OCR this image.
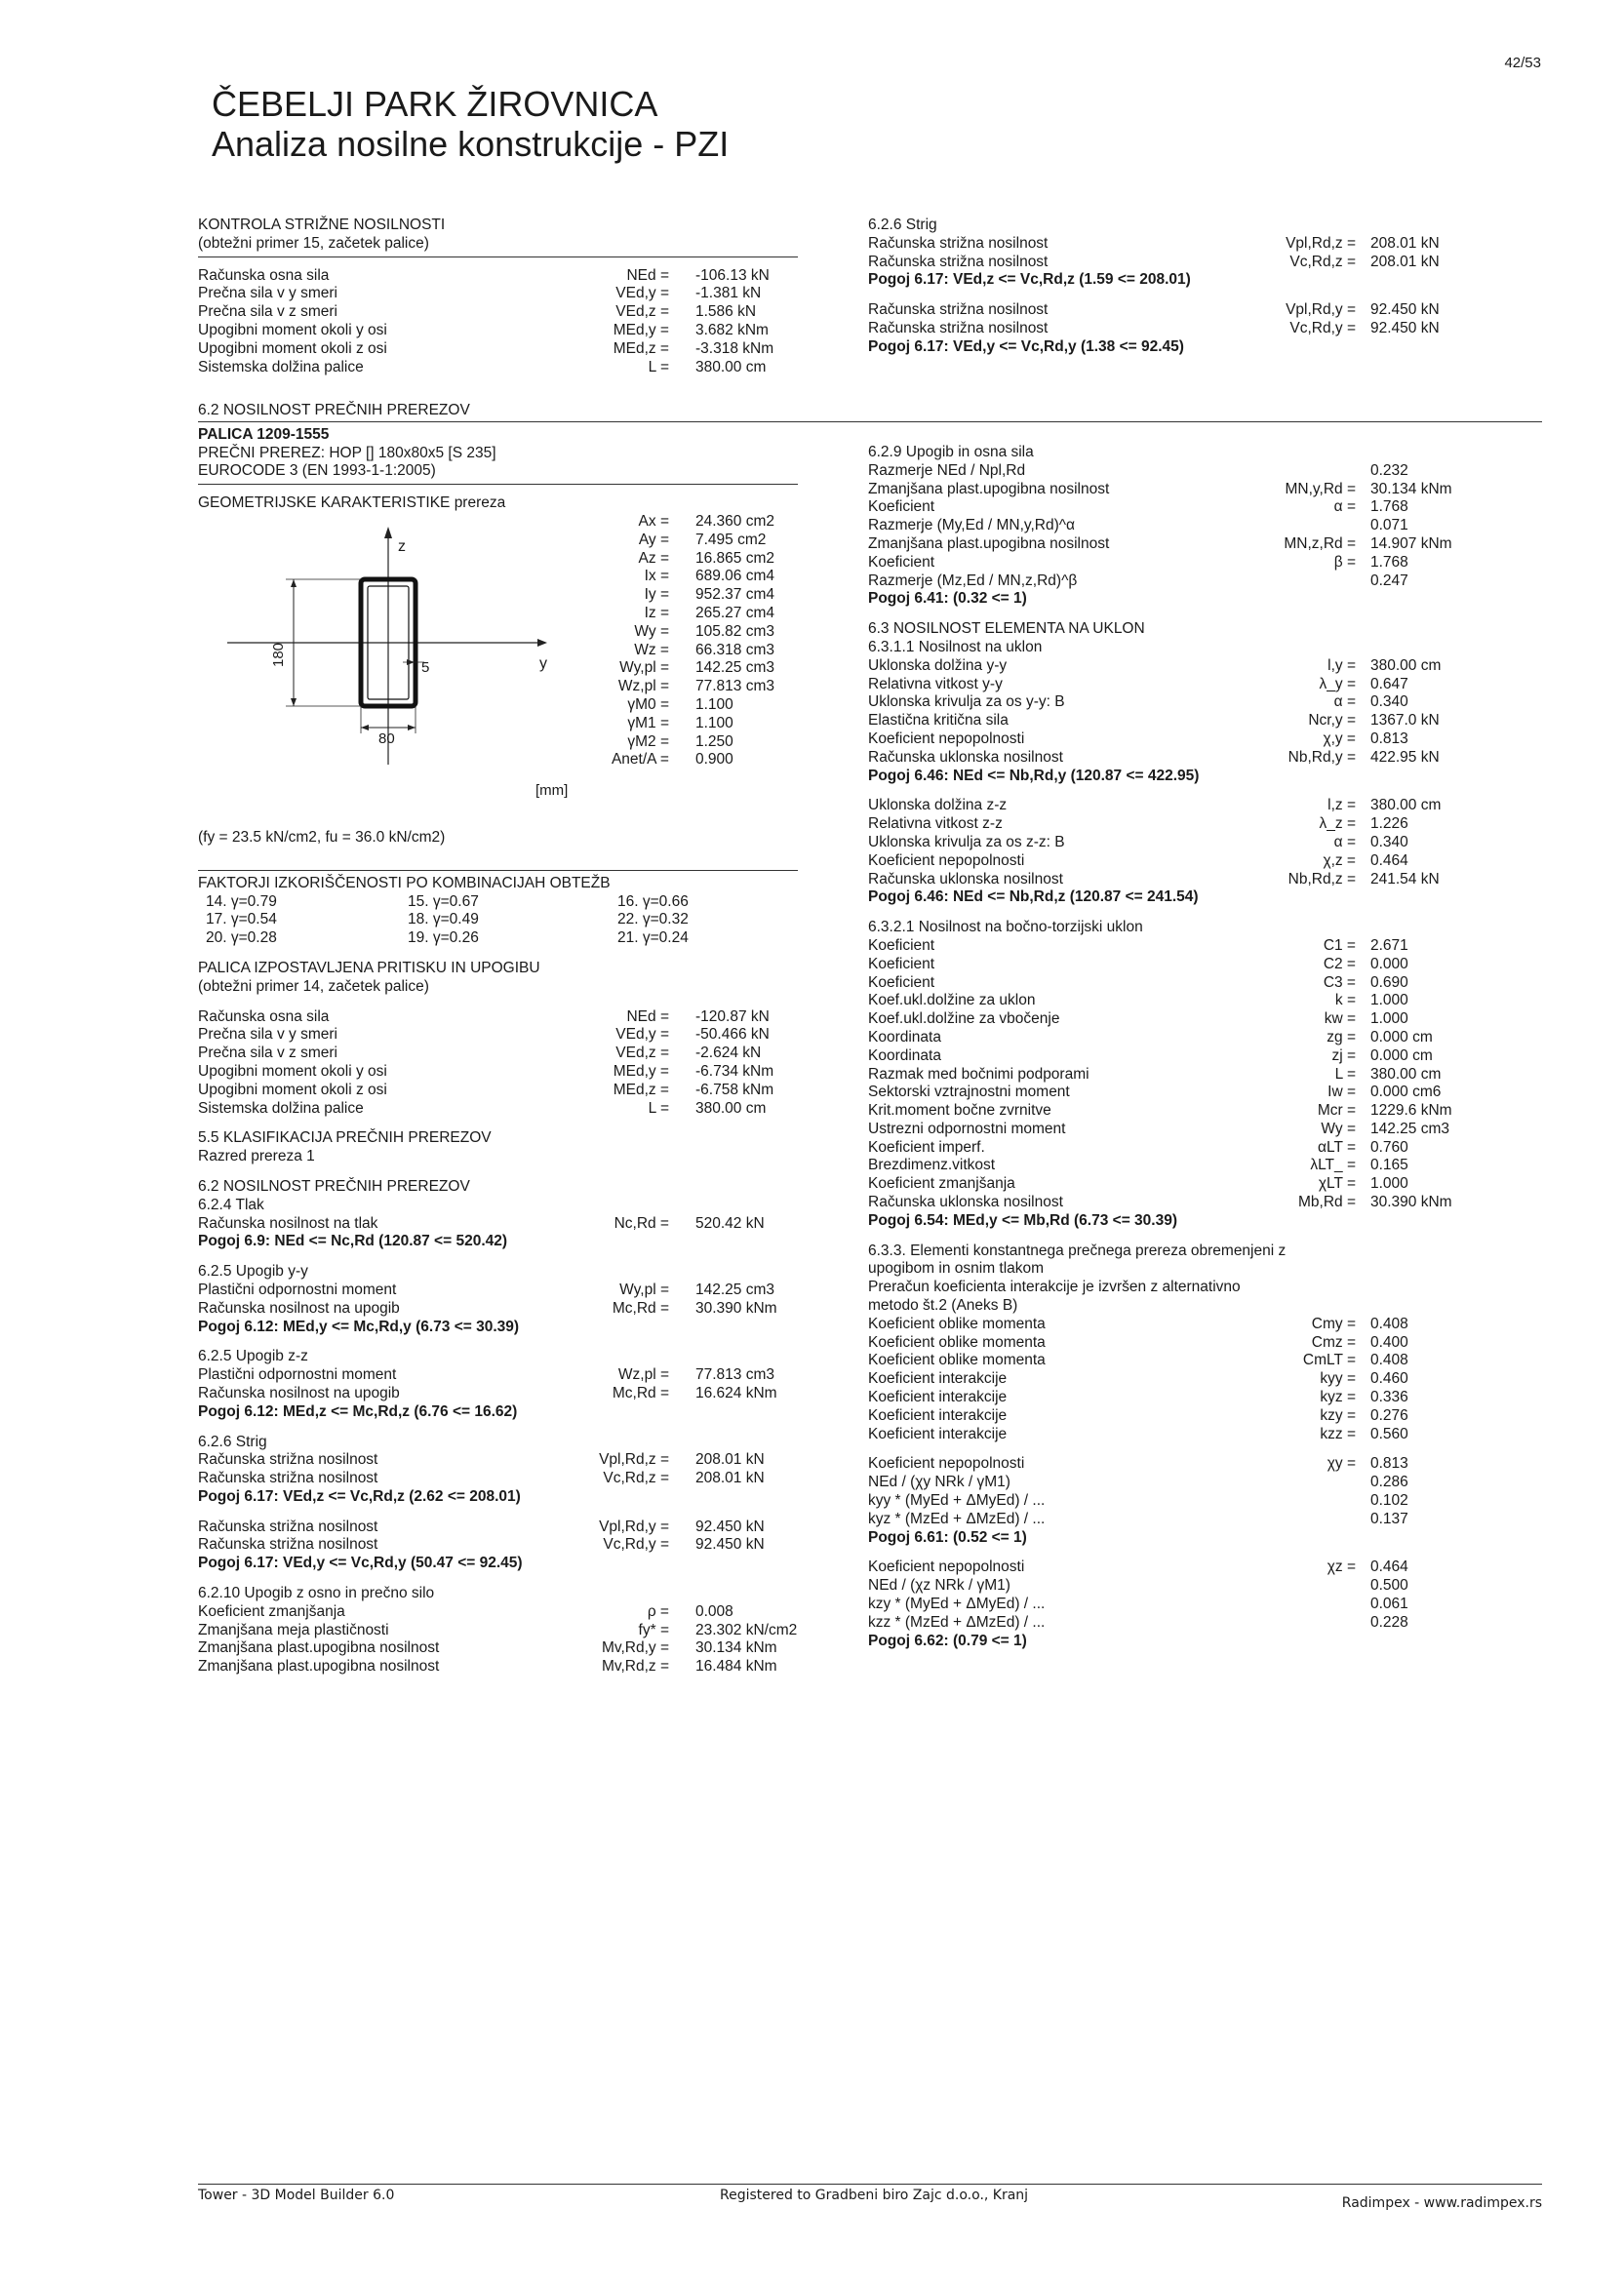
42/53
ČEBELJI PARK ŽIROVNICA
Analiza nosilne konstrukcije - PZI
KONTROLA STRIŽNE NOSILNOSTI
(obtežni primer 15, začetek palice)
Računska osna sila	NEd = -106.13 kN
Prečna sila v y smeri	VEd,y = -1.381 kN
Prečna sila v z smeri	VEd,z = 1.586 kN
Upogibni moment okoli y osi	MEd,y = 3.682 kNm
Upogibni moment okoli z osi	MEd,z = -3.318 kNm
Sistemska dolžina palice	L = 380.00 cm
6.2 NOSILNOST PREČNIH PREREZOV
PALICA 1209-1555
PREČNI PREREZ: HOP [] 180x80x5 [S 235]
EUROCODE 3 (EN 1993-1-1:2005)
GEOMETRIJSKE KARAKTERISTIKE prereza
z
y
180
80
5
[mm]
Ax = 24.360 cm2
Ay = 7.495 cm2
Az = 16.865 cm2
Ix = 689.06 cm4
Iy = 952.37 cm4
Iz = 265.27 cm4
Wy = 105.82 cm3
Wz = 66.318 cm3
Wy,pl = 142.25 cm3
Wz,pl = 77.813 cm3
γM0 = 1.100
γM1 = 1.100
γM2 = 1.250
Anet/A = 0.900
(fy = 23.5 kN/cm2, fu = 36.0 kN/cm2)
FAKTORJI IZKORIŠČENOSTI PO KOMBINACIJAH OBTEŽB
14. γ=0.79	15. γ=0.67	16. γ=0.66
17. γ=0.54	18. γ=0.49	22. γ=0.32
20. γ=0.28	19. γ=0.26	21. γ=0.24
PALICA IZPOSTAVLJENA PRITISKU IN UPOGIBU
(obtežni primer 14, začetek palice)
Računska osna sila	NEd = -120.87 kN
Prečna sila v y smeri	VEd,y = -50.466 kN
Prečna sila v z smeri	VEd,z = -2.624 kN
Upogibni moment okoli y osi	MEd,y = -6.734 kNm
Upogibni moment okoli z osi	MEd,z = -6.758 kNm
Sistemska dolžina palice	L = 380.00 cm
5.5 KLASIFIKACIJA PREČNIH PREREZOV
Razred prereza 1
6.2 NOSILNOST PREČNIH PREREZOV
6.2.4 Tlak
Računska nosilnost na tlak	Nc,Rd = 520.42 kN
Pogoj 6.9: NEd <= Nc,Rd (120.87 <= 520.42)
6.2.5 Upogib y-y
Plastični odpornostni moment	Wy,pl = 142.25 cm3
Računska nosilnost na upogib	Mc,Rd = 30.390 kNm
Pogoj 6.12: MEd,y <= Mc,Rd,y (6.73 <= 30.39)
6.2.5 Upogib z-z
Plastični odpornostni moment	Wz,pl = 77.813 cm3
Računska nosilnost na upogib	Mc,Rd = 16.624 kNm
Pogoj 6.12: MEd,z <= Mc,Rd,z (6.76 <= 16.62)
6.2.6 Strig
Računska strižna nosilnost	Vpl,Rd,z = 208.01 kN
Računska strižna nosilnost	Vc,Rd,z = 208.01 kN
Pogoj 6.17: VEd,z <= Vc,Rd,z (2.62 <= 208.01)
Računska strižna nosilnost	Vpl,Rd,y = 92.450 kN
Računska strižna nosilnost	Vc,Rd,y = 92.450 kN
Pogoj 6.17: VEd,y <= Vc,Rd,y (50.47 <= 92.45)
6.2.10 Upogib z osno in prečno silo
Koeficient zmanjšanja	ρ = 0.008
Zmanjšana meja plastičnosti	fy* = 23.302 kN/cm2
Zmanjšana plast.upogibna nosilnost	Mv,Rd,y = 30.134 kNm
Zmanjšana plast.upogibna nosilnost	Mv,Rd,z = 16.484 kNm
6.2.6 Strig
Računska strižna nosilnost	Vpl,Rd,z = 208.01 kN
Računska strižna nosilnost	Vc,Rd,z = 208.01 kN
Pogoj 6.17: VEd,z <= Vc,Rd,z (1.59 <= 208.01)
Računska strižna nosilnost	Vpl,Rd,y = 92.450 kN
Računska strižna nosilnost	Vc,Rd,y = 92.450 kN
Pogoj 6.17: VEd,y <= Vc,Rd,y (1.38 <= 92.45)
6.2.9 Upogib in osna sila
Razmerje NEd / Npl,Rd	0.232
Zmanjšana plast.upogibna nosilnost	MN,y,Rd = 30.134 kNm
Koeficient	α = 1.768
Razmerje (My,Ed / MN,y,Rd)^α	0.071
Zmanjšana plast.upogibna nosilnost	MN,z,Rd = 14.907 kNm
Koeficient	β = 1.768
Razmerje (Mz,Ed / MN,z,Rd)^β	0.247
Pogoj 6.41: (0.32 <= 1)
6.3 NOSILNOST ELEMENTA NA UKLON
6.3.1.1 Nosilnost na uklon
Uklonska dolžina y-y	l,y = 380.00 cm
Relativna vitkost y-y	λ_y = 0.647
Uklonska krivulja za os y-y: B	α = 0.340
Elastična kritična sila	Ncr,y = 1367.0 kN
Koeficient nepopolnosti	χ,y = 0.813
Računska uklonska nosilnost	Nb,Rd,y = 422.95 kN
Pogoj 6.46: NEd <= Nb,Rd,y (120.87 <= 422.95)
Uklonska dolžina z-z	l,z = 380.00 cm
Relativna vitkost z-z	λ_z = 1.226
Uklonska krivulja za os z-z: B	α = 0.340
Koeficient nepopolnosti	χ,z = 0.464
Računska uklonska nosilnost	Nb,Rd,z = 241.54 kN
Pogoj 6.46: NEd <= Nb,Rd,z (120.87 <= 241.54)
6.3.2.1 Nosilnost na bočno-torzijski uklon
Koeficient	C1 = 2.671
Koeficient	C2 = 0.000
Koeficient	C3 = 0.690
Koef.ukl.dolžine za uklon	k = 1.000
Koef.ukl.dolžine za vbočenje	kw = 1.000
Koordinata	zg = 0.000 cm
Koordinata	zj = 0.000 cm
Razmak med bočnimi podporami	L = 380.00 cm
Sektorski vztrajnostni moment	Iw = 0.000 cm6
Krit.moment bočne zvrnitve	Mcr = 1229.6 kNm
Ustrezni odpornostni moment	Wy = 142.25 cm3
Koeficient imperf.	αLT = 0.760
Brezdimenz.vitkost	λLT_ = 0.165
Koeficient zmanjšanja	χLT = 1.000
Računska uklonska nosilnost	Mb,Rd = 30.390 kNm
Pogoj 6.54: MEd,y <= Mb,Rd (6.73 <= 30.39)
6.3.3. Elementi konstantnega prečnega prereza obremenjeni z
upogibom in osnim tlakom
Preračun koeficienta interakcije je izvršen z alternativno
metodo št.2 (Aneks B)
Koeficient oblike momenta	Cmy = 0.408
Koeficient oblike momenta	Cmz = 0.400
Koeficient oblike momenta	CmLT = 0.408
Koeficient interakcije	kyy = 0.460
Koeficient interakcije	kyz = 0.336
Koeficient interakcije	kzy = 0.276
Koeficient interakcije	kzz = 0.560
Koeficient nepopolnosti	χy = 0.813
NEd / (χy NRk / γM1)	0.286
kyy * (MyEd + ΔMyEd) / ...	0.102
kyz * (MzEd + ΔMzEd) / ...	0.137
Pogoj 6.61: (0.52 <= 1)
Koeficient nepopolnosti	χz = 0.464
NEd / (χz NRk / γM1)	0.500
kzy * (MyEd + ΔMyEd) / ...	0.061
kzz * (MzEd + ΔMzEd) / ...	0.228
Pogoj 6.62: (0.79 <= 1)
Tower - 3D Model Builder 6.0	Registered to Gradbeni biro Zajc d.o.o., Kranj	Radimpex - www.radimpex.rs
